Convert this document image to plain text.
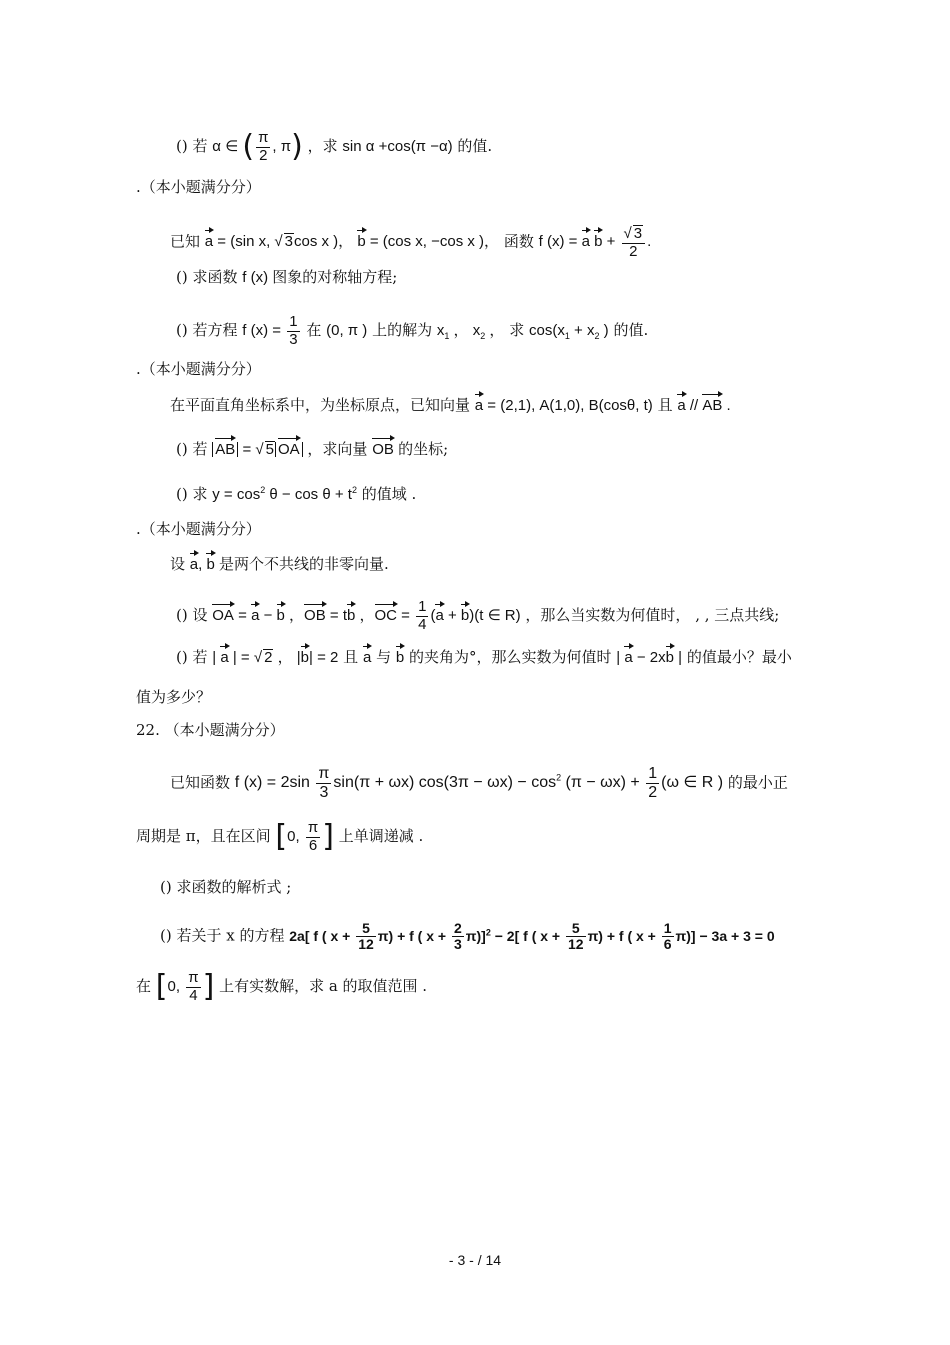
() 若 α ∈ ( $\frac{\pi}{2}$ , π) ，求 sin α +cos(π −α) 的值.
.（本小题满分分）
已知 a = (sin x, √ 3cos x )， b = (cos x, −cos x )， 函数 f (x) = a $b + \frac{√ 3}{2}$ .
() 求函数 f (x) 图象的对称轴方程;
() 若方程 f $(x) = \frac{1}{3}$ 在 (0, π ) 上的解为 $x_1$ ， $x_2$ ， 求 $\cos(x_1 + x_2$ ) 的值.
.（本小题满分分）
在平面直角坐标系中，为坐标原点，已知向量 a = (2,1), A(1,0), B(cosθ, t) 且 a // AB .
() 若 AB = √ 5 OA ，求向量 OB 的坐标;
() 求 $y = \cos^2 \theta - \cos \theta + t^2$ 的值域 .
.（本小题满分分）
设 a, b 是两个不共线的非零向量.
() 设 OA = a − b ，OB = tb ，OC = $\frac{1}{4} (a + b)(t$ ∈ R) ，那么当实数为何值时， , , 三点共线;
() 若 | a | = √ 2 ， |b| = 2 且 a 与 b 的夹角为°，那么实数为何值时 | a − 2xb | 的值最小？最小
值为多少？
22. （本小题满分分）
已知函数 f $(x) = 2\sin \frac{\pi}{3} \sin(\pi + \omega x) \cos(3\pi - \omega x) - \cos^2 (\pi - \omega x) + \frac{1}{2} (\omega$ ∈ R ) 的最小正
周期是 π，且在区间 [0, $\frac{\pi}{6}$ ] 上单调递减 .
() 求函数的解析式 ;
() 若关于 x 的方程 2a[ f ( $x + \frac{5}{12} \pi) + f$ ( $x + \frac{2}{3} \pi)]^2 - 2$[ f ( $x + \frac{5}{12} \pi) + f$ ( $x + \frac{1}{6} \pi)] - 3a + 3 = 0$
在 [0, $\frac{\pi}{4}$ ] 上有实数解，求 a 的取值范围 .
- 3 - / 14
